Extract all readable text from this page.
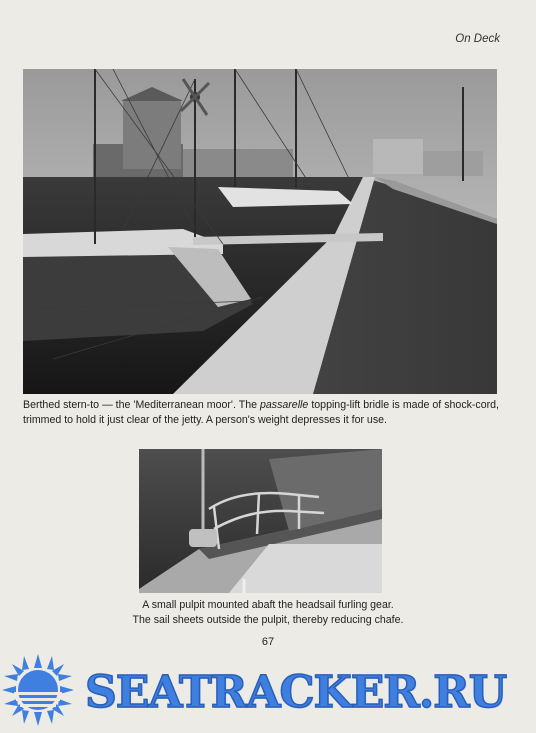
On Deck
Berthed stern-to — the 'Mediterranean moor'. The passarelle topping-lift bridle is made of shock-cord, trimmed to hold it just clear of the jetty. A person's weight depresses it for use.
A small pulpit mounted abaft the headsail furling gear.
The sail sheets outside the pulpit, thereby reducing chafe.
67
SEATRACKER.RU
